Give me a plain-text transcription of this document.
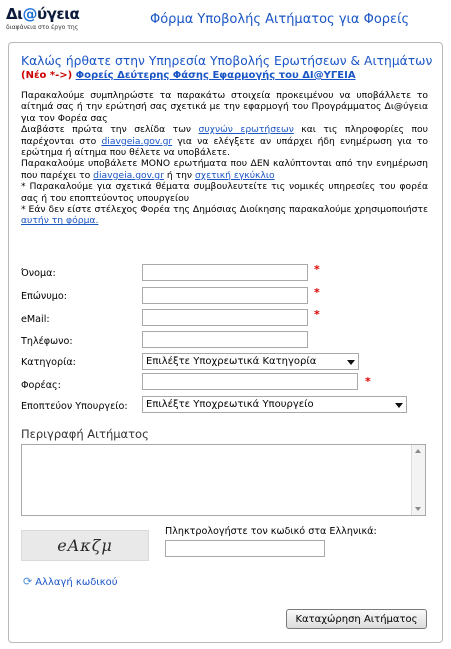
Δι@ύγεια
διαφάνεια στο έργο της
Φόρμα Υποβολής Αιτήματος για Φορείς
Καλώς ήρθατε στην Υπηρεσία Υποβολής Ερωτήσεων & Αιτημάτων
(Νέο *->) Φορείς Δεύτερης Φάσης Εφαρμογής του ΔΙ@ΥΓΕΙΑ

Παρακαλούμε συμπληρώστε τα παρακάτω στοιχεία προκειμένου να υποβάλλετε το αίτημά σας ή την ερώτησή σας σχετικά με την εφαρμογή του Προγράμματος Δι@ύγεια για τον Φορέα σας

Διαβάστε πρώτα την σελίδα των συχνών ερωτήσεων και τις πληροφορίες που παρέχονται στο diavgeia.gov.gr για να ελέγξετε αν υπάρχει ήδη ενημέρωση για το ερώτημα ή αίτημα που θέλετε να υποβάλετε.

Παρακαλούμε υποβάλετε ΜΟΝΟ ερωτήματα που ΔΕΝ καλύπτονται από την ενημέρωση που παρέχει το diavgeia.gov.gr ή την σχετική εγκύκλιο

* Παρακαλούμε για σχετικά θέματα συμβουλευτείτε τις νομικές υπηρεσίες του φορέα σας ή του εποπτεύοντος υπουργείου

* Εάν δεν είστε στέλεχος Φορέα της Δημόσιας Διοίκησης παρακαλούμε χρησιμοποιήστε αυτήν τη φόρμα.

Όνομα:	*
Επώνυμο:	*
eMail:	*
Τηλέφωνο:
Κατηγορία:	Επιλέξτε Υποχρεωτικά Κατηγορία
Φορέας:	*
Εποπτεύον Υπουργείο:	Επιλέξτε Υποχρεωτικά Υπουργείο
Περιγραφή Αιτήματος
eΑκζμ
Πληκτρολογήστε τον κωδικό στα Ελληνικά:
⟳ Αλλαγή κωδικού
Καταχώρηση Αιτήματος
